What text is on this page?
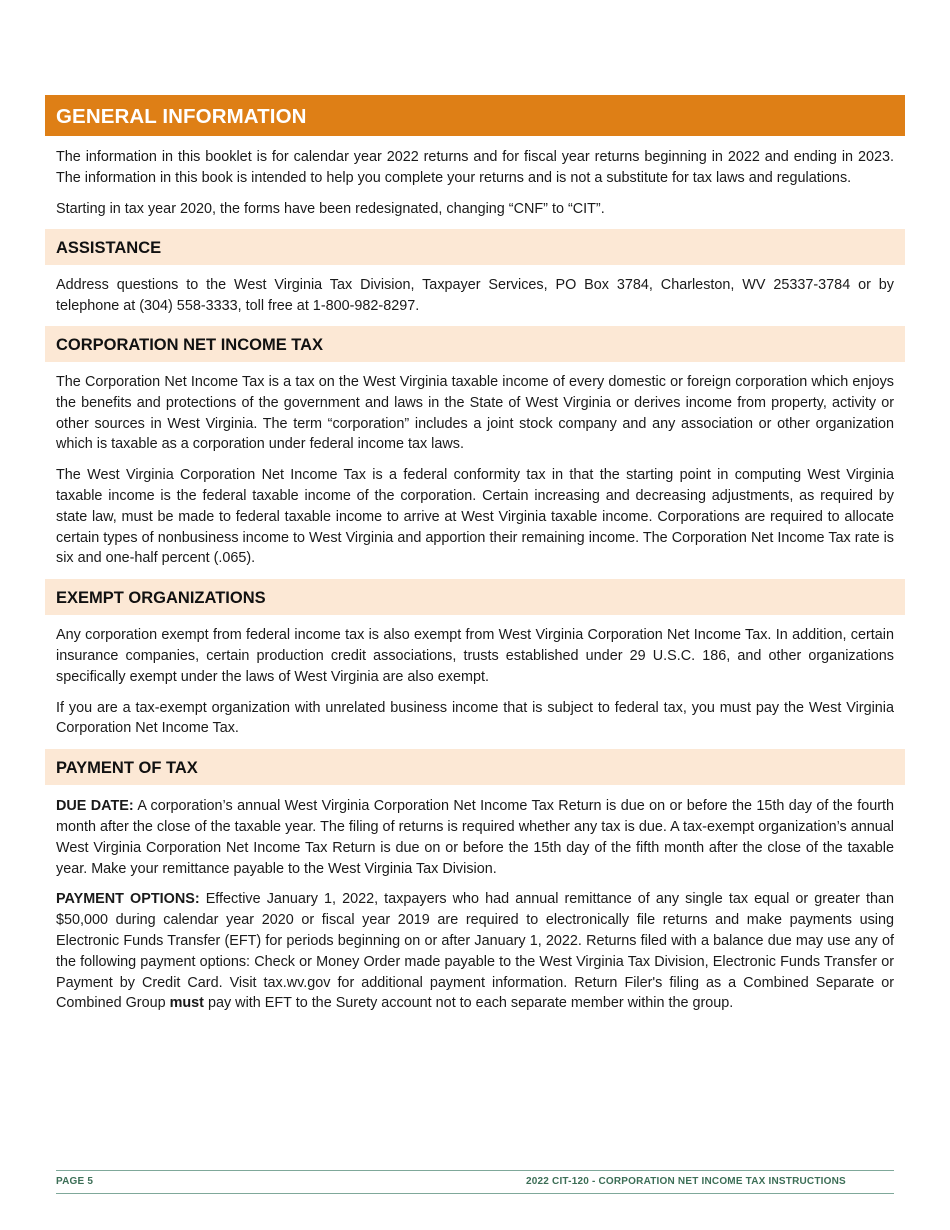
GENERAL INFORMATION

The information in this booklet is for calendar year 2022 returns and for fiscal year returns beginning in 2022 and ending in 2023. The information in this book is intended to help you complete your returns and is not a substitute for tax laws and regulations.

Starting in tax year 2020, the forms have been redesignated, changing “CNF” to “CIT”.

ASSISTANCE

Address questions to the West Virginia Tax Division, Taxpayer Services, PO Box 3784, Charleston, WV 25337-3784 or by telephone at (304) 558-3333, toll free at 1-800-982-8297.

CORPORATION NET INCOME TAX

The Corporation Net Income Tax is a tax on the West Virginia taxable income of every domestic or foreign corporation which enjoys the benefits and protections of the government and laws in the State of West Virginia or derives income from property, activity or other sources in West Virginia. The term “corporation” includes a joint stock company and any association or other organization which is taxable as a corporation under federal income tax laws.

The West Virginia Corporation Net Income Tax is a federal conformity tax in that the starting point in computing West Virginia taxable income is the federal taxable income of the corporation. Certain increasing and decreasing adjustments, as required by state law, must be made to federal taxable income to arrive at West Virginia taxable income. Corporations are required to allocate certain types of nonbusiness income to West Virginia and apportion their remaining income. The Corporation Net Income Tax rate is six and one-half percent (.065).

EXEMPT ORGANIZATIONS

Any corporation exempt from federal income tax is also exempt from West Virginia Corporation Net Income Tax. In addition, certain insurance companies, certain production credit associations, trusts established under 29 U.S.C. 186, and other organizations specifically exempt under the laws of West Virginia are also exempt.

If you are a tax-exempt organization with unrelated business income that is subject to federal tax, you must pay the West Virginia Corporation Net Income Tax.

PAYMENT OF TAX

DUE DATE: A corporation’s annual West Virginia Corporation Net Income Tax Return is due on or before the 15th day of the fourth month after the close of the taxable year. The filing of returns is required whether any tax is due. A tax-exempt organization’s annual West Virginia Corporation Net Income Tax Return is due on or before the 15th day of the fifth month after the close of the taxable year. Make your remittance payable to the West Virginia Tax Division.

PAYMENT OPTIONS: Effective January 1, 2022, taxpayers who had annual remittance of any single tax equal or greater than $50,000 during calendar year 2020 or fiscal year 2019 are required to electronically file returns and make payments using Electronic Funds Transfer (EFT) for periods beginning on or after January 1, 2022. Returns filed with a balance due may use any of the following payment options: Check or Money Order made payable to the West Virginia Tax Division, Electronic Funds Transfer or Payment by Credit Card. Visit tax.wv.gov for additional payment information. Return Filer's filing as a Combined Separate or Combined Group must pay with EFT to the Surety account not to each separate member within the group.

PAGE 5	2022 CIT-120 - CORPORATION NET INCOME TAX INSTRUCTIONS
